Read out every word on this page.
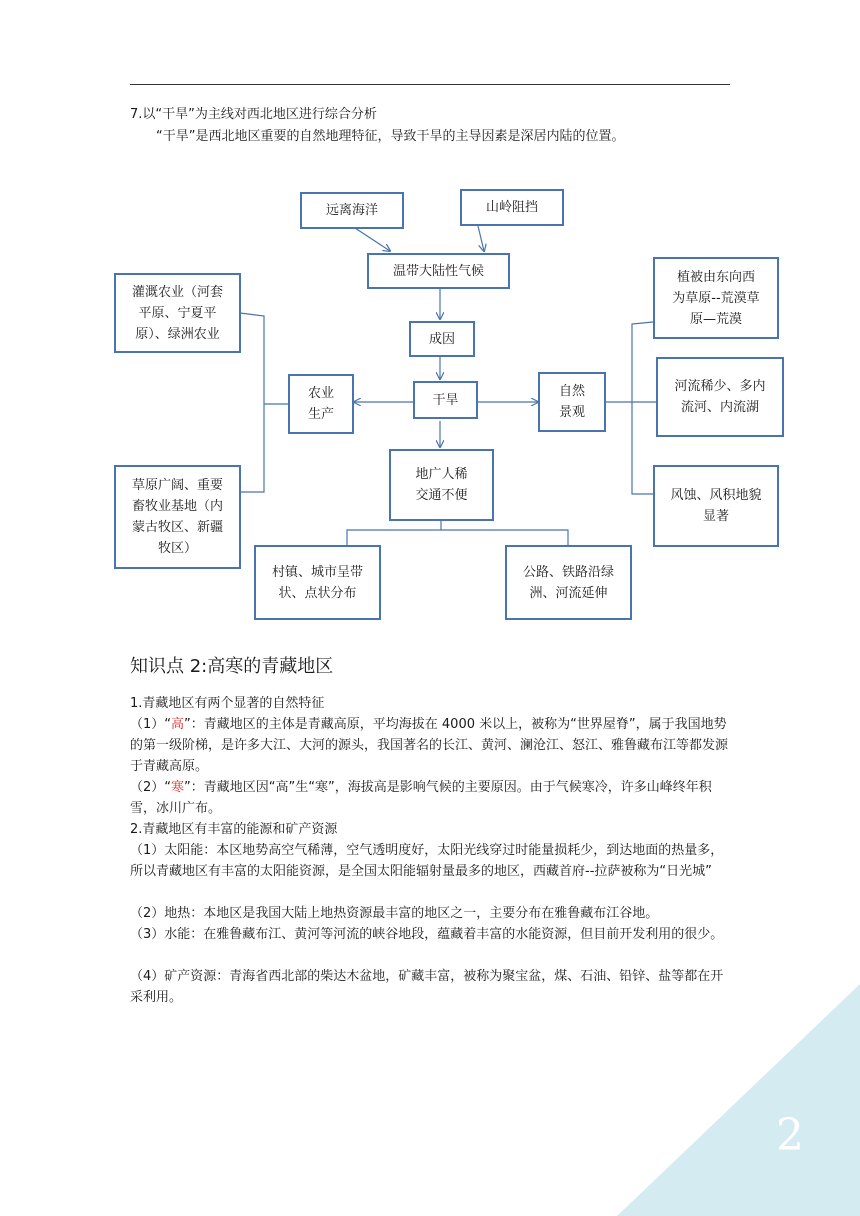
7.以“干旱”为主线对西北地区进行综合分析
“干旱”是西北地区重要的自然地理特征，导致干旱的主导因素是深居内陆的位置。
远离海洋	山岭阻挡
温带大陆性气候
成因
干旱
农业
生产
自然
景观
灌溉农业（河套
平原、宁夏平
原）、绿洲农业
草原广阔、重要
畜牧业基地（内
蒙古牧区、新疆
牧区）
植被由东向西
为草原--荒漠草
原—荒漠
河流稀少、多内
流河、内流湖
风蚀、风积地貌
显著
地广人稀
交通不便
村镇、城市呈带
状、点状分布
公路、铁路沿绿
洲、河流延伸
知识点 2:高寒的青藏地区
1.青藏地区有两个显著的自然特征
（1）“高”：青藏地区的主体是青藏高原，平均海拔在 4000 米以上，被称为“世界屋脊”，属于我国地势的第一级阶梯，是许多大江、大河的源头，我国著名的长江、黄河、澜沧江、怒江、雅鲁藏布江等都发源于青藏高原。
（2）“寒”：青藏地区因“高”生“寒”，海拔高是影响气候的主要原因。由于气候寒冷，许多山峰终年积雪，冰川广布。
2.青藏地区有丰富的能源和矿产资源
（1）太阳能：本区地势高空气稀薄，空气透明度好，太阳光线穿过时能量损耗少，到达地面的热量多，所以青藏地区有丰富的太阳能资源，是全国太阳能辐射量最多的地区，西藏首府--拉萨被称为“日光城”
（2）地热：本地区是我国大陆上地热资源最丰富的地区之一，主要分布在雅鲁藏布江谷地。
（3）水能：在雅鲁藏布江、黄河等河流的峡谷地段，蕴藏着丰富的水能资源，但目前开发利用的很少。
（4）矿产资源：青海省西北部的柴达木盆地，矿藏丰富，被称为聚宝盆，煤、石油、铅锌、盐等都在开采利用。
2
